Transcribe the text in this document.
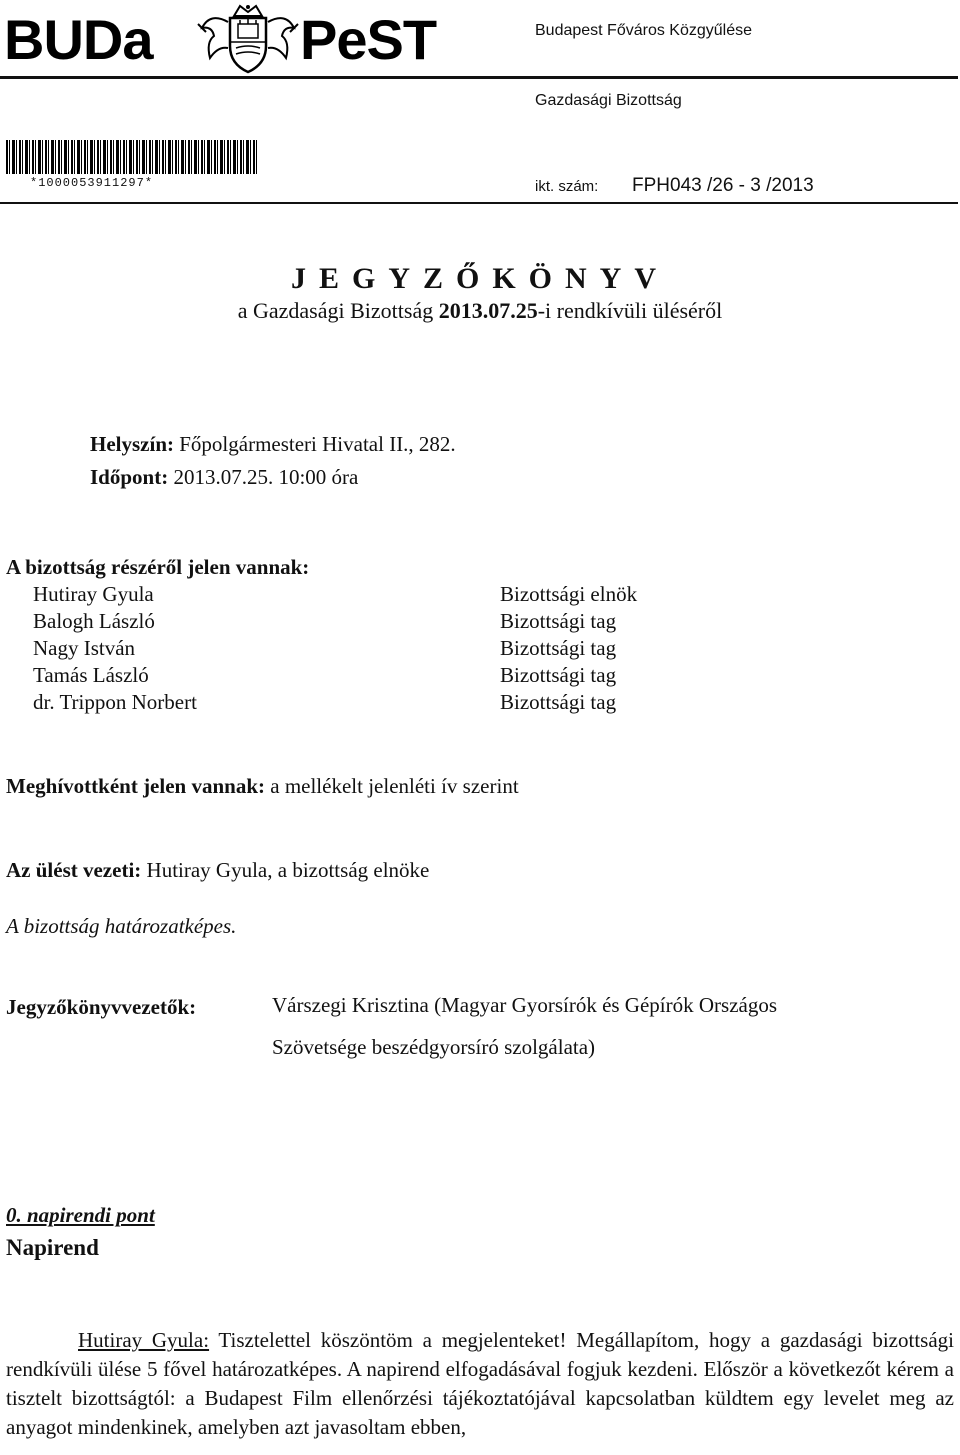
BUDa	PeST	Budapest Főváros Közgyűlése
Gazdasági Bizottság
*1000053911297*	ikt. szám: FPH043 /26 - 3 /2013
JEGYZŐKÖNYV
a Gazdasági Bizottság 2013.07.25-i rendkívüli üléséről
Helyszín: Főpolgármesteri Hivatal II., 282.
Időpont: 2013.07.25. 10:00 óra
A bizottság részéről jelen vannak:
Hutiray Gyula	Bizottsági elnök
Balogh László	Bizottsági tag
Nagy István	Bizottsági tag
Tamás László	Bizottsági tag
dr. Trippon Norbert	Bizottsági tag
Meghívottként jelen vannak: a mellékelt jelenléti ív szerint
Az ülést vezeti: Hutiray Gyula, a bizottság elnöke
A bizottság határozatképes.
Jegyzőkönyvvezetők:	Várszegi Krisztina (Magyar Gyorsírók és Gépírók Országos
Szövetsége beszédgyorsíró szolgálata)
0. napirendi pont
Napirend
Hutiray Gyula: Tisztelettel köszöntöm a megjelenteket! Megállapítom, hogy a gazdasági bizottsági rendkívüli ülése 5 fővel határozatképes. A napirend elfogadásával fogjuk kezdeni. Először a következőt kérem a tisztelt bizottságtól: a Budapest Film ellenőrzési tájékoztatójával kapcsolatban küldtem egy levelet meg az anyagot mindenkinek, amelyben azt javasoltam ebben,
